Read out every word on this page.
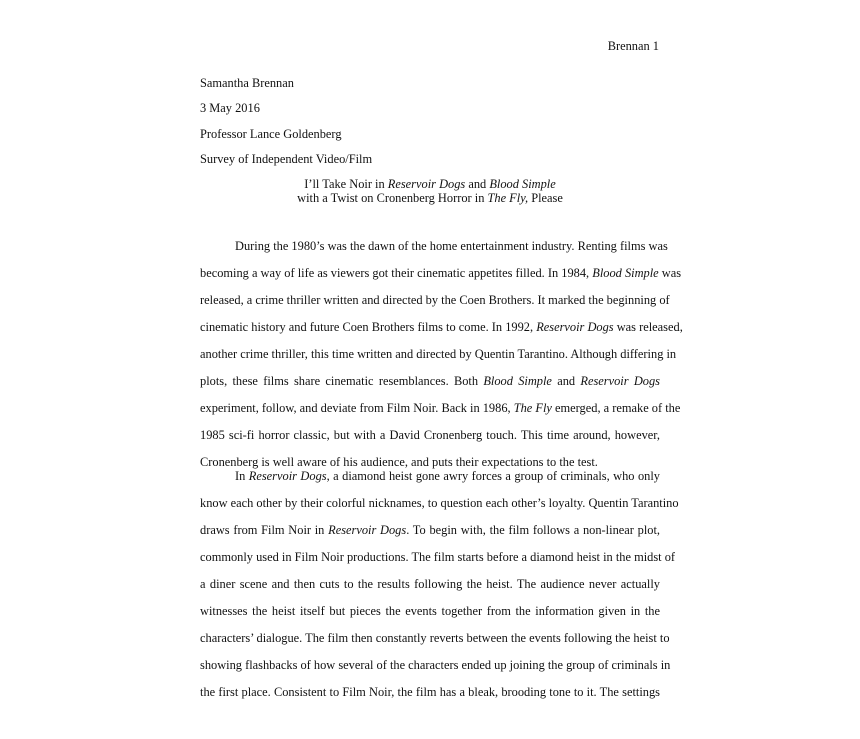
Brennan 1
Samantha Brennan
3 May 2016
Professor Lance Goldenberg
Survey of Independent Video/Film
I’ll Take Noir in Reservoir Dogs and Blood Simple
with a Twist on Cronenberg Horror in The Fly, Please
During the 1980’s was the dawn of the home entertainment industry. Renting films was
becoming a way of life as viewers got their cinematic appetites filled. In 1984, Blood Simple was
released, a crime thriller written and directed by the Coen Brothers. It marked the beginning of
cinematic history and future Coen Brothers films to come. In 1992, Reservoir Dogs was released,
another crime thriller, this time written and directed by Quentin Tarantino. Although differing in
plots, these films share cinematic resemblances. Both Blood Simple and Reservoir Dogs
experiment, follow, and deviate from Film Noir. Back in 1986, The Fly emerged, a remake of the
1985 sci-fi horror classic, but with a David Cronenberg touch. This time around, however,
Cronenberg is well aware of his audience, and puts their expectations to the test.
In Reservoir Dogs, a diamond heist gone awry forces a group of criminals, who only
know each other by their colorful nicknames, to question each other’s loyalty. Quentin Tarantino
draws from Film Noir in Reservoir Dogs. To begin with, the film follows a non-linear plot,
commonly used in Film Noir productions. The film starts before a diamond heist in the midst of
a diner scene and then cuts to the results following the heist. The audience never actually
witnesses the heist itself but pieces the events together from the information given in the
characters’ dialogue. The film then constantly reverts between the events following the heist to
showing flashbacks of how several of the characters ended up joining the group of criminals in
the first place. Consistent to Film Noir, the film has a bleak, brooding tone to it. The settings
